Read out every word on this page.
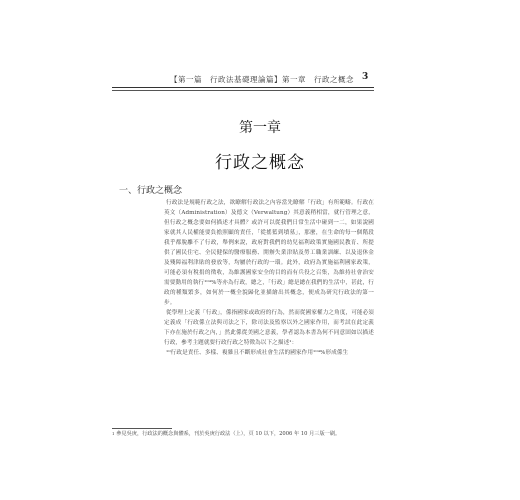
【第一篇　行政法基礎理論篇】第一章　行政之概念 3
第一章
行政之概念
一、行政之概念

行政法是規範行政之法，欲瞭解行政法之內容當先瞭解「行政」有所範疇。行政在英文（Administration）及德文（Verwaltung）其意義稍相當，就行管理之意，但行政之概念要如何描述才具體？或許可以從我們日常生活中碰到一二，如果說國家就其人民權能要負擔照顧的責任，「從搖籃到墳墓」，那麼，在生命的每一個階段我乎都脫離不了行政，舉例來說，政府對我們的幼兒福利政策實施國民教育、所提供了國民住宅、全民健保的醫療服務、開辦失業津貼及勞工職業訓練、以及退休金及殘障福利津貼的發放等，均屬於行政的一環。此外，政府為實施福利國家政策，可能必須有稅捐的徵收，為維護國家安全的目的而有兵役之召集，為維持社會治安需要動用的執行¹⁰⁴%等亦為行政，總之，「行政」總是總在我們的生活中，甚此，行政的種類繁多，如何於一概全貌歸化並描繪出其概念，便成為研究行政法的第一步。

從學理上定義「行政」，係指國家或政府的行為，然而從國家權力之角度，可能必須定義成「行政係立法與司法之下，除司法及監察以外之國家作用，而考試在此定義下亦在施於行政之內，」然此係從美國之意義，學者認為本書為何不同意固如以描述行政，參考主題就要行政行政之特徵為以下之描述¹：

¹⁰行政是責任、多樣、複雜且不斷形成社會生活的國家作用¹⁰⁴%形成係生

$^1$ 參見吳庚，行政法的概念與體系，刊於吳庚行政法（上），頁 10 以下，2006 年 10 月三版一刷。
